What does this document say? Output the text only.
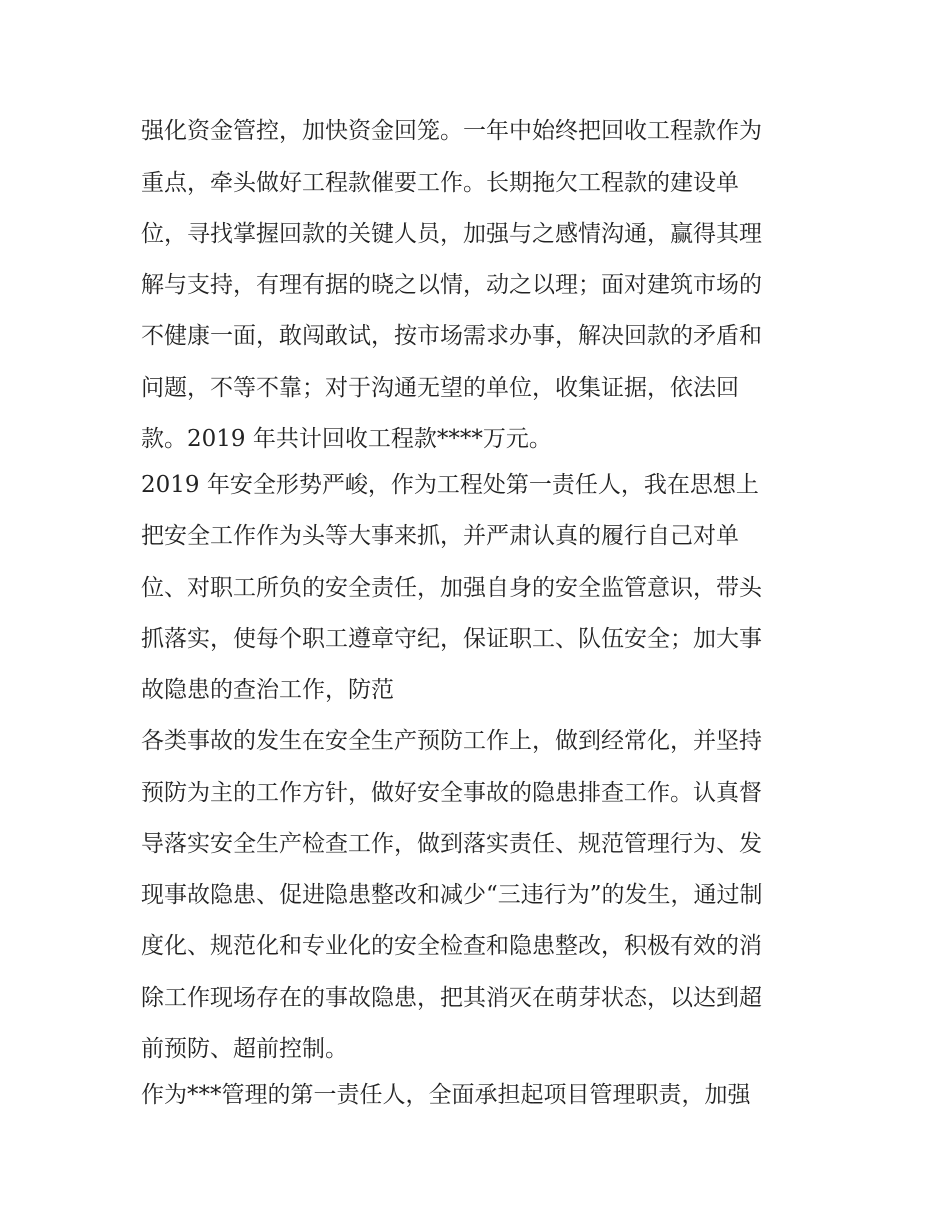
强化资金管控，加快资金回笼。一年中始终把回收工程款作为
重点，牵头做好工程款催要工作。长期拖欠工程款的建设单
位，寻找掌握回款的关键人员，加强与之感情沟通，赢得其理
解与支持，有理有据的晓之以情，动之以理；面对建筑市场的
不健康一面，敢闯敢试，按市场需求办事，解决回款的矛盾和
问题，不等不靠；对于沟通无望的单位，收集证据，依法回
款。2019 年共计回收工程款****万元。
2019 年安全形势严峻，作为工程处第一责任人，我在思想上
把安全工作作为头等大事来抓，并严肃认真的履行自己对单
位、对职工所负的安全责任，加强自身的安全监管意识，带头
抓落实，使每个职工遵章守纪，保证职工、队伍安全；加大事
故隐患的查治工作，防范
各类事故的发生在安全生产预防工作上，做到经常化，并坚持
预防为主的工作方针，做好安全事故的隐患排查工作。认真督
导落实安全生产检查工作，做到落实责任、规范管理行为、发
现事故隐患、促进隐患整改和减少“三违行为”的发生，通过制
度化、规范化和专业化的安全检查和隐患整改，积极有效的消
除工作现场存在的事故隐患，把其消灭在萌芽状态，以达到超
前预防、超前控制。
作为***管理的第一责任人，全面承担起项目管理职责，加强
